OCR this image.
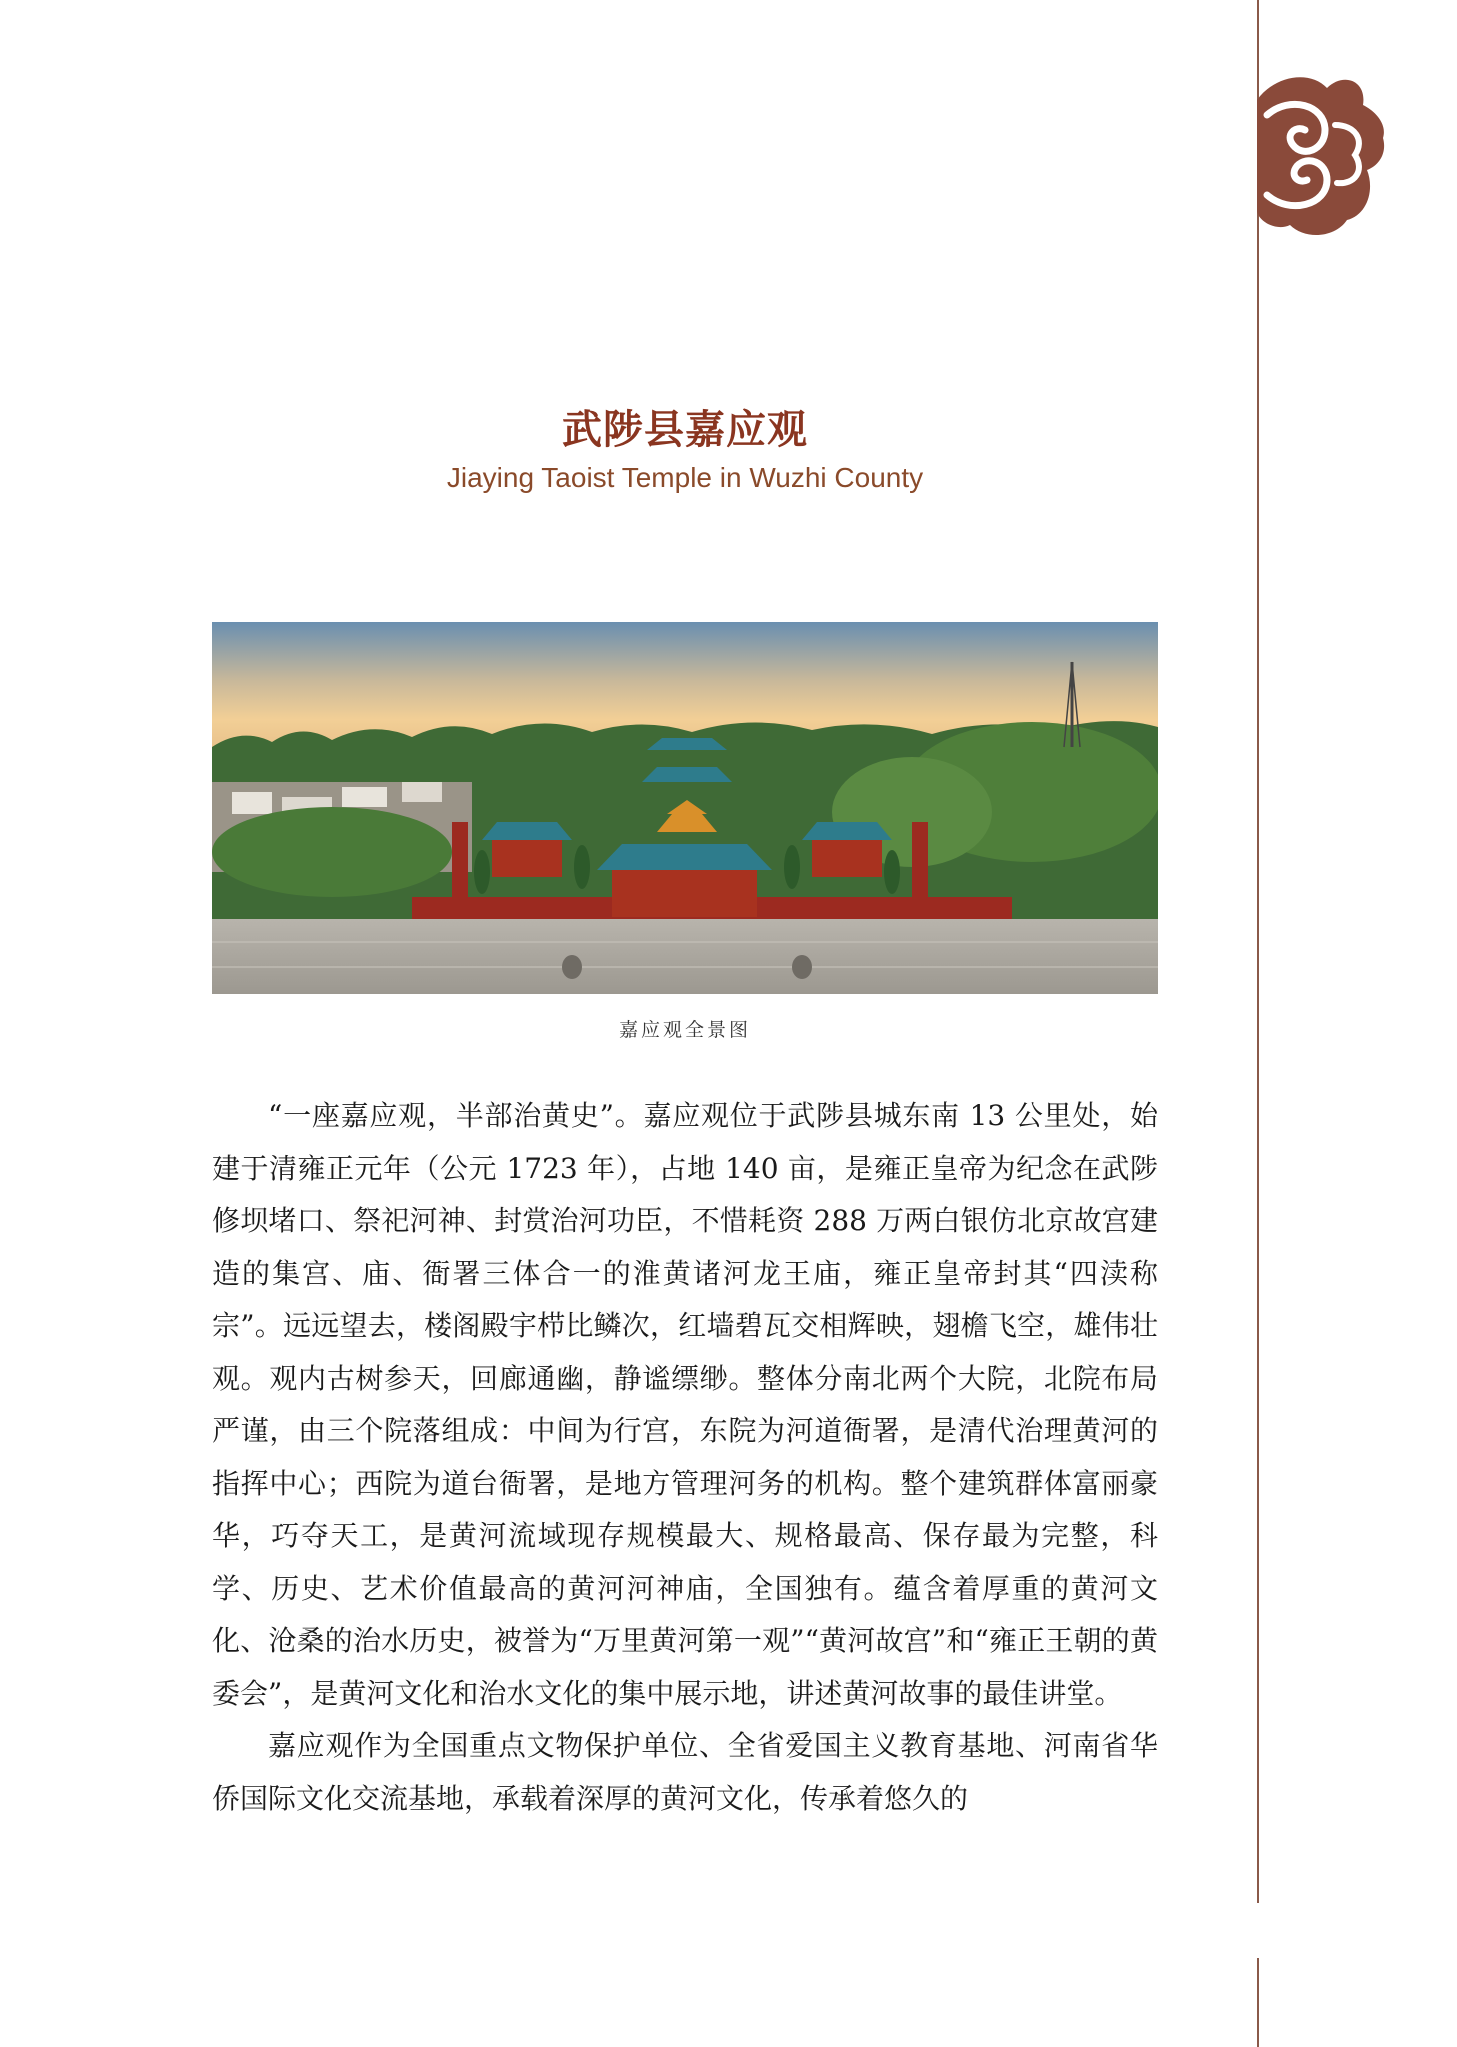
武陟县嘉应观
Jiaying Taoist Temple in Wuzhi County
嘉应观全景图

“一座嘉应观，半部治黄史”。嘉应观位于武陟县城东南 13 公里处，始建于清雍正元年（公元 1723 年），占地 140 亩，是雍正皇帝为纪念在武陟修坝堵口、祭祀河神、封赏治河功臣，不惜耗资 288 万两白银仿北京故宫建造的集宫、庙、衙署三体合一的淮黄诸河龙王庙，雍正皇帝封其“四渎称宗”。远远望去，楼阁殿宇栉比鳞次，红墙碧瓦交相辉映，翅檐飞空，雄伟壮观。观内古树参天，回廊通幽，静谧缥缈。整体分南北两个大院，北院布局严谨，由三个院落组成：中间为行宫，东院为河道衙署，是清代治理黄河的指挥中心；西院为道台衙署，是地方管理河务的机构。整个建筑群体富丽豪华，巧夺天工，是黄河流域现存规模最大、规格最高、保存最为完整，科学、历史、艺术价值最高的黄河河神庙，全国独有。蕴含着厚重的黄河文化、沧桑的治水历史，被誉为“万里黄河第一观”“黄河故宫”和“雍正王朝的黄委会”，是黄河文化和治水文化的集中展示地，讲述黄河故事的最佳讲堂。

嘉应观作为全国重点文物保护单位、全省爱国主义教育基地、河南省华侨国际文化交流基地，承载着深厚的黄河文化，传承着悠久的
